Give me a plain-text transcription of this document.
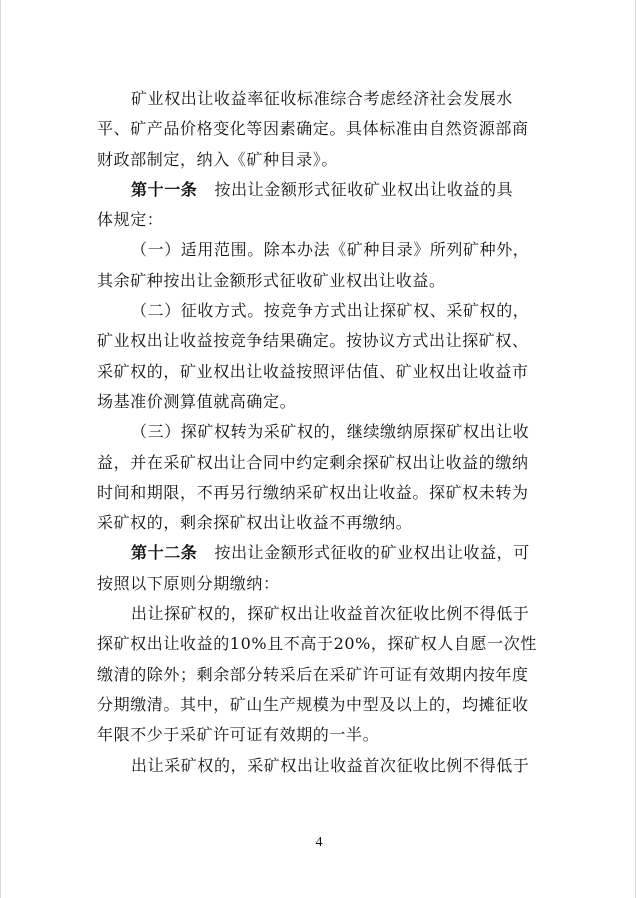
矿业权出让收益率征收标准综合考虑经济社会发展水
平、矿产品价格变化等因素确定。具体标准由自然资源部商
财政部制定，纳入《矿种目录》。
第十一条 按出让金额形式征收矿业权出让收益的具
体规定：
（一）适用范围。除本办法《矿种目录》所列矿种外，
其余矿种按出让金额形式征收矿业权出让收益。
（二）征收方式。按竞争方式出让探矿权、采矿权的，
矿业权出让收益按竞争结果确定。按协议方式出让探矿权、
采矿权的，矿业权出让收益按照评估值、矿业权出让收益市
场基准价测算值就高确定。
（三）探矿权转为采矿权的，继续缴纳原探矿权出让收
益，并在采矿权出让合同中约定剩余探矿权出让收益的缴纳
时间和期限，不再另行缴纳采矿权出让收益。探矿权未转为
采矿权的，剩余探矿权出让收益不再缴纳。
第十二条 按出让金额形式征收的矿业权出让收益，可
按照以下原则分期缴纳：
出让探矿权的，探矿权出让收益首次征收比例不得低于
探矿权出让收益的10%且不高于20%，探矿权人自愿一次性
缴清的除外；剩余部分转采后在采矿许可证有效期内按年度
分期缴清。其中，矿山生产规模为中型及以上的，均摊征收
年限不少于采矿许可证有效期的一半。
出让采矿权的，采矿权出让收益首次征收比例不得低于
4
